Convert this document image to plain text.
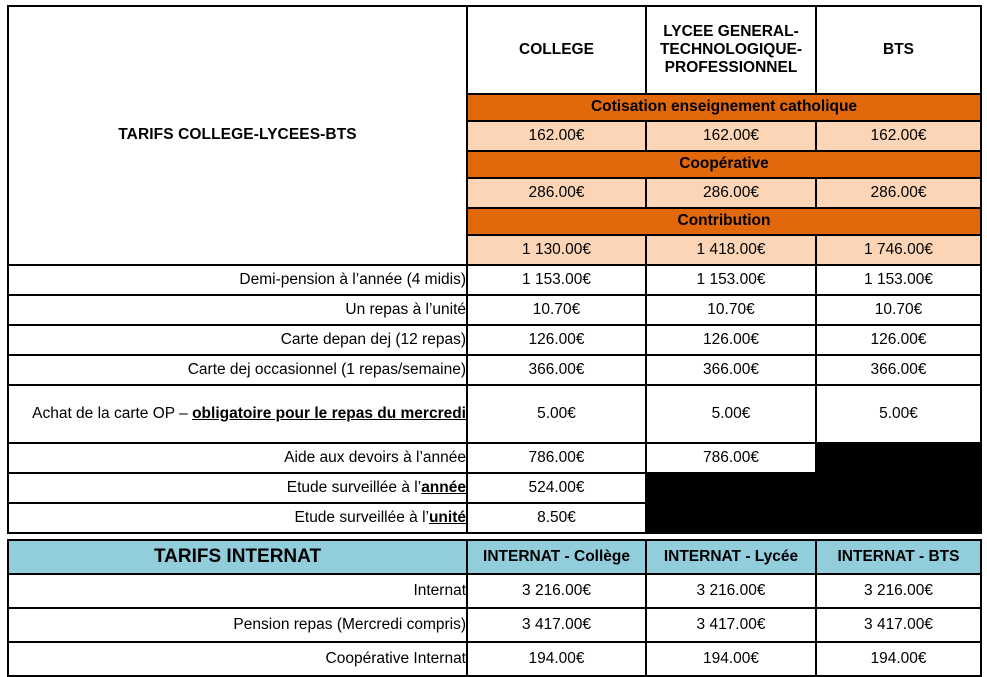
TARIFS COLLEGE-LYCEES-BTS	COLLEGE	LYCEE GENERAL-TECHNOLOGIQUE-PROFESSIONNEL	BTS
	Cotisation enseignement catholique		
	162.00€	162.00€	162.00€
	Coopérative		
	286.00€	286.00€	286.00€
	Contribution		
	1 130.00€	1 418.00€	1 746.00€
Demi-pension à l’année (4 midis)	1 153.00€	1 153.00€	1 153.00€
Un repas à l’unité	10.70€	10.70€	10.70€
Carte depan dej (12 repas)	126.00€	126.00€	126.00€
Carte dej occasionnel (1 repas/semaine)	366.00€	366.00€	366.00€
Achat de la carte OP – obligatoire pour le repas du mercredi	5.00€	5.00€	5.00€
Aide aux devoirs à l’année	786.00€	786.00€	
Etude surveillée à l’année	524.00€		
Etude surveillée à l’unité	8.50€		
TARIFS INTERNAT	INTERNAT - Collège	INTERNAT - Lycée	INTERNAT - BTS
Internat	3 216.00€	3 216.00€	3 216.00€
Pension repas (Mercredi compris)	3 417.00€	3 417.00€	3 417.00€
Coopérative Internat	194.00€	194.00€	194.00€
